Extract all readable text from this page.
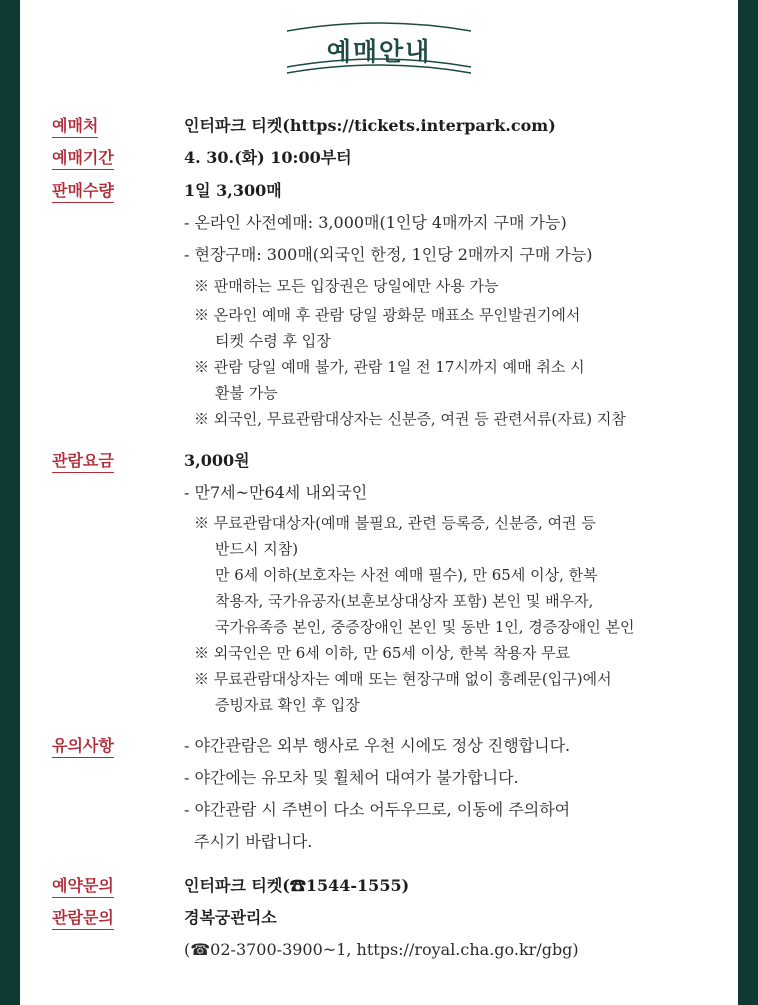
예매안내
예매처	인터파크 티켓(https://tickets.interpark.com)
예매기간	4. 30.(화) 10:00부터
판매수량	1일 3,300매
- 온라인 사전예매: 3,000매(1인당 4매까지 구매 가능)
- 현장구매: 300매(외국인 한정, 1인당 2매까지 구매 가능)
※ 판매하는 모든 입장권은 당일에만 사용 가능
※ 온라인 예매 후 관람 당일 광화문 매표소 무인발권기에서
티켓 수령 후 입장
※ 관람 당일 예매 불가, 관람 1일 전 17시까지 예매 취소 시
환불 가능
※ 외국인, 무료관람대상자는 신분증, 여권 등 관련서류(자료) 지참
관람요금	3,000원
- 만7세~만64세 내외국인
※ 무료관람대상자(예매 불필요, 관련 등록증, 신분증, 여권 등
반드시 지참)
만 6세 이하(보호자는 사전 예매 필수), 만 65세 이상, 한복
착용자, 국가유공자(보훈보상대상자 포함) 본인 및 배우자,
국가유족증 본인, 중증장애인 본인 및 동반 1인, 경증장애인 본인
※ 외국인은 만 6세 이하, 만 65세 이상, 한복 착용자 무료
※ 무료관람대상자는 예매 또는 현장구매 없이 흥례문(입구)에서
증빙자료 확인 후 입장
유의사항	- 야간관람은 외부 행사로 우천 시에도 정상 진행합니다.
- 야간에는 유모차 및 휠체어 대여가 불가합니다.
- 야간관람 시 주변이 다소 어두우므로, 이동에 주의하여
주시기 바랍니다.
예약문의	인터파크 티켓(☎1544-1555)
관람문의	경복궁관리소
(☎02-3700-3900~1, https://royal.cha.go.kr/gbg)
